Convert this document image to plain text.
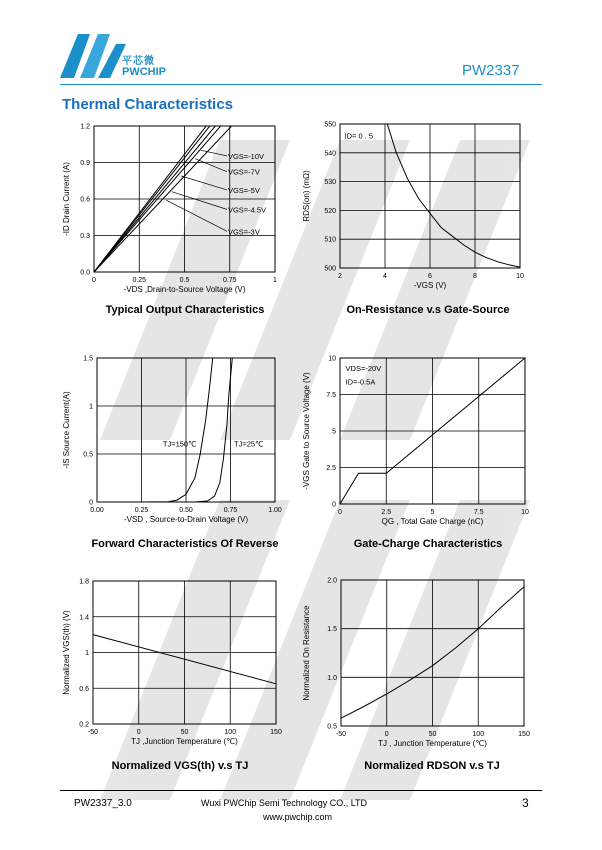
平芯微
PWCHIP	PW2337
Thermal Characteristics
0	0.25	0.5	0.75	1
0.0
0.3
0.6
0.9
1.2
-VDS ,Drain-to-Source Voltage (V)
-ID Drain Current (A)
VGS=-10V
VGS=-7V
VGS=-5V
VGS=-4.5V
VGS=-3V
Typical Output Characteristics
2	4	6	8	10
500
510
520
530
540
550
-VGS (V)
RDS(on) (mΩ)
ID= 0 . 5
On-Resistance v.s Gate-Source
0.00	0.25	0.50	0.75	1.00
0
0.5
1
1.5
-VSD , Source-to-Drain Voltage (V)
-IS Source Current(A)	TJ=150℃	TJ=25℃
Forward Characteristics Of Reverse
0	2.5	5	7.5	10
0
2.5
5
7.5
10
QG , Total Gate Charge (nC)
-VGS Gate to Source Voltage (V)
VDS=-20V
ID=-0.5A
Gate-Charge Characteristics
-50	0	50	100	150
0.2
0.6
1
1.4
1.8
TJ ,Junction Temperature (℃)
Normalized VGS(th) (V)
Normalized VGS(th) v.s TJ
-50	0	50	100	150
0.5
1.0
1.5
2.0
TJ , Junction Temperature (℃)
Normalized On Resistance
Normalized RDSON v.s TJ
PW2337_3.0	Wuxi PWChip Semi Technology CO., LTD
www.pwchip.com
3
